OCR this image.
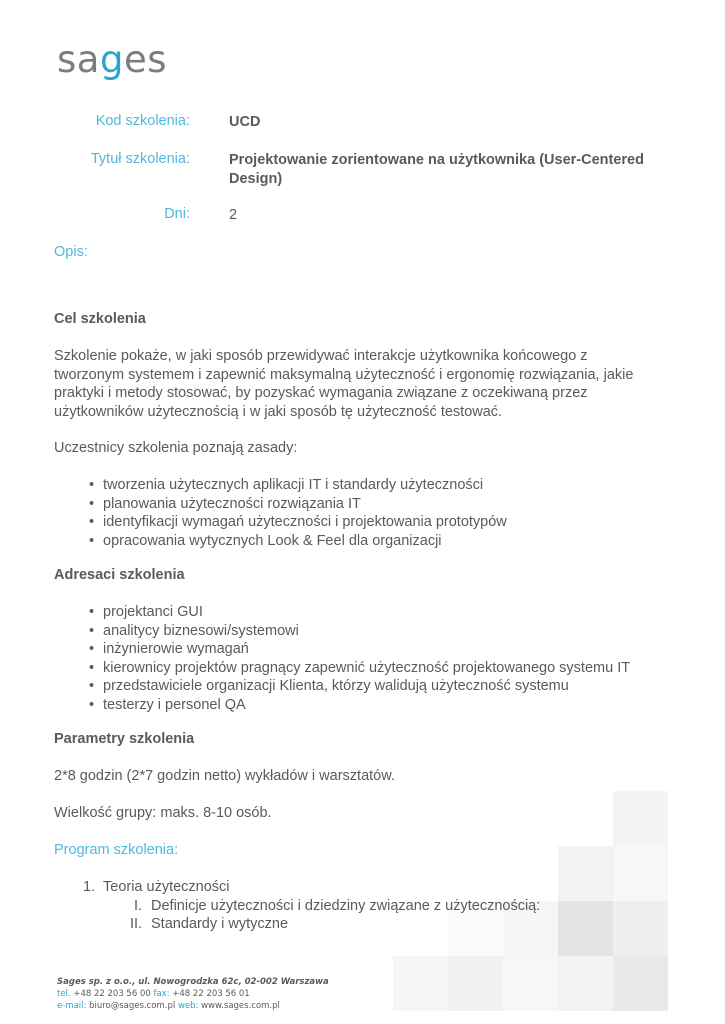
sages
Kod szkolenia:	UCD
Tytuł szkolenia:	Projektowanie zorientowane na użytkownika (User-Centered
Design)
Dni:	2
Opis:
Cel szkolenia
Szkolenie pokaże, w jaki sposób przewidywać interakcje użytkownika końcowego z
tworzonym systemem i zapewnić maksymalną użyteczność i ergonomię rozwiązania, jakie
praktyki i metody stosować, by pozyskać wymagania związane z oczekiwaną przez
użytkowników użytecznością i w jaki sposób tę użyteczność testować.
Uczestnicy szkolenia poznają zasady:
• tworzenia użytecznych aplikacji IT i standardy użyteczności
• planowania użyteczności rozwiązania IT
• identyfikacji wymagań użyteczności i projektowania prototypów
• opracowania wytycznych Look & Feel dla organizacji
Adresaci szkolenia
• projektanci GUI
• analitycy biznesowi/systemowi
• inżynierowie wymagań
• kierownicy projektów pragnący zapewnić użyteczność projektowanego systemu IT
• przedstawiciele organizacji Klienta, którzy walidują użyteczność systemu
• testerzy i personel QA
Parametry szkolenia
2*8 godzin (2*7 godzin netto) wykładów i warsztatów.
Wielkość grupy: maks. 8-10 osób.
Program szkolenia:
1. Teoria użyteczności
I. Definicje użyteczności i dziedziny związane z użytecznością:
II. Standardy i wytyczne
Sages sp. z o.o., ul. Nowogrodzka 62c, 02-002 Warszawa
tel. +48 22 203 56 00 fax: +48 22 203 56 01
e-mail: biuro@sages.com.pl web: www.sages.com.pl
